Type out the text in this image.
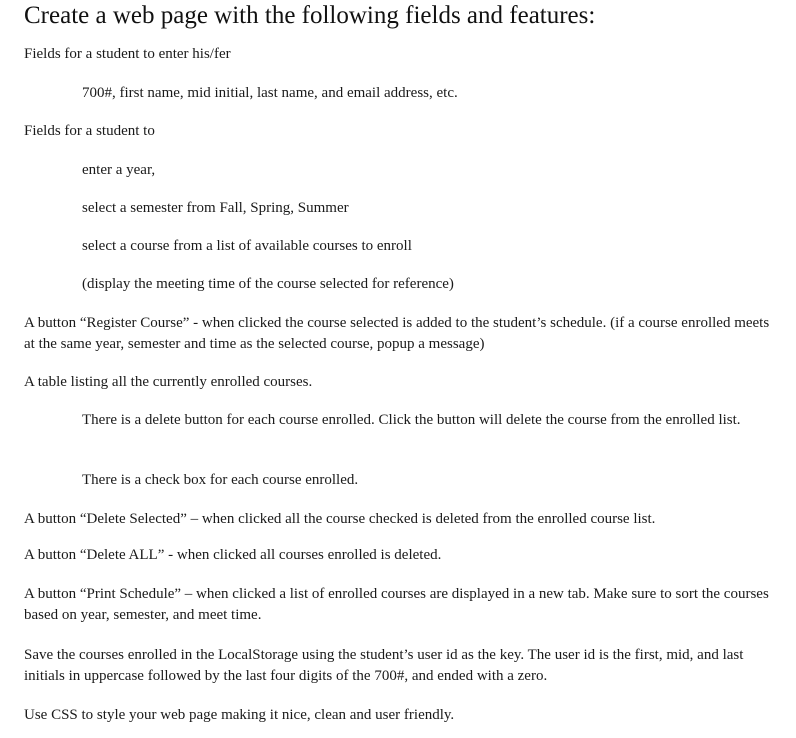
Create a web page with the following fields and features:
Fields for a student to enter his/fer
700#, first name, mid initial, last name, and email address, etc.
Fields for a student to
enter a year,
select a semester from Fall, Spring, Summer
select a course from a list of available courses to enroll
(display the meeting time of the course selected for reference)
A button “Register Course” - when clicked the course selected is added to the student’s schedule. (if a course enrolled meets at the same year, semester and time as the selected course, popup a message)
A table listing all the currently enrolled courses.
There is a delete button for each course enrolled. Click the button will delete the course from the enrolled list.
There is a check box for each course enrolled.
A button “Delete Selected” – when clicked all the course checked is deleted from the enrolled course list.
A button “Delete ALL” - when clicked all courses enrolled is deleted.
A button “Print Schedule” – when clicked a list of enrolled courses are displayed in a new tab. Make sure to sort the courses based on year, semester, and meet time.
Save the courses enrolled in the LocalStorage using the student’s user id as the key. The user id is the first, mid, and last initials in uppercase followed by the last four digits of the 700#, and ended with a zero.
Use CSS to style your web page making it nice, clean and user friendly.
